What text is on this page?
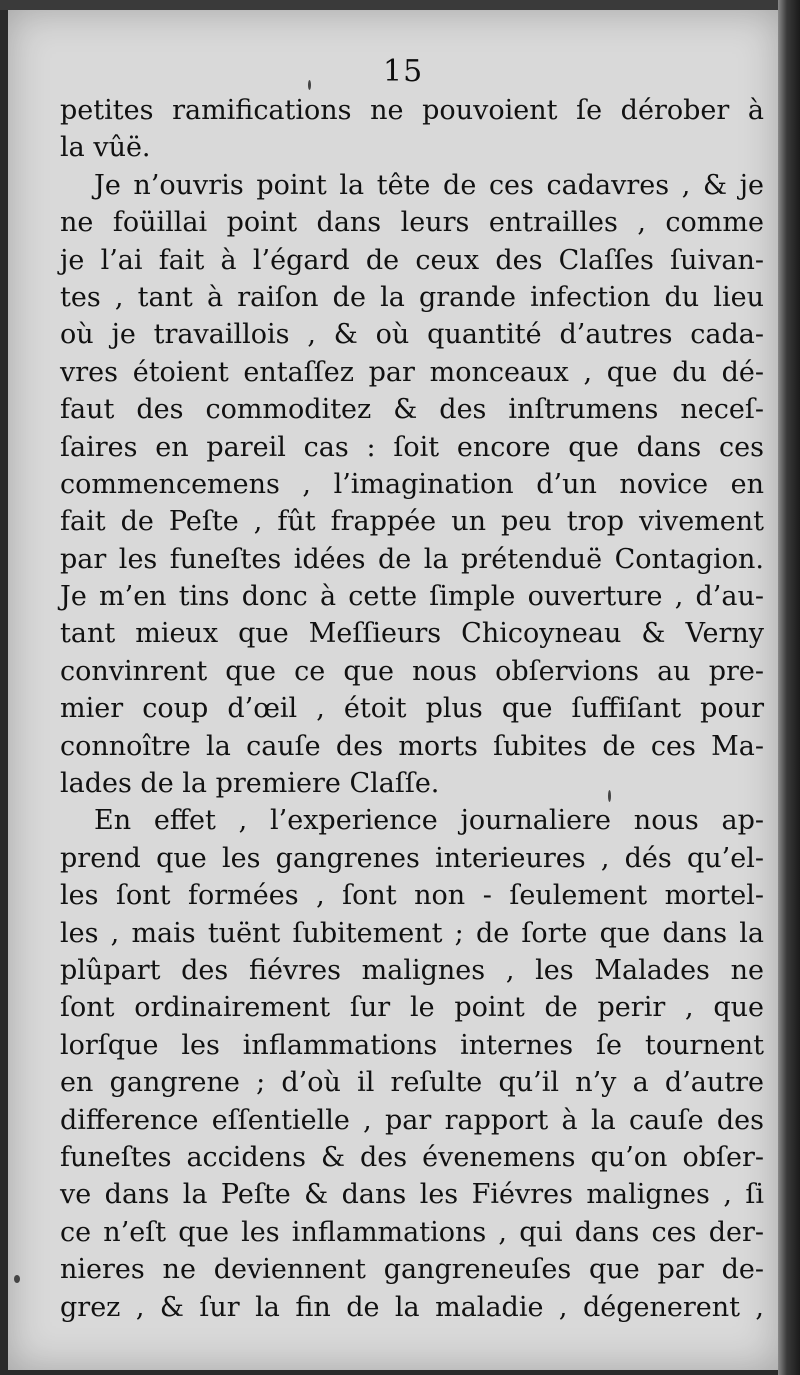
15
petites ramifications ne pouvoient ſe dérober à
la vûë.
Je n’ouvris point la tête de ces cadavres , & je
ne foüillai point dans leurs entrailles , comme
je l’ai fait à l’égard de ceux des Claſſes ſuivan-
tes , tant à raiſon de la grande infection du lieu
où je travaillois , & où quantité d’autres cada-
vres étoient entaſſez par monceaux , que du dé-
faut des commoditez & des inſtrumens neceſ-
ſaires en pareil cas : ſoit encore que dans ces
commencemens , l’imagination d’un novice en
fait de Peſte , fût frappée un peu trop vivement
par les funeſtes idées de la prétenduë Contagion.
Je m’en tins donc à cette ſimple ouverture , d’au-
tant mieux que Meſſieurs Chicoyneau & Verny
convinrent que ce que nous obſervions au pre-
mier coup d’œil , étoit plus que ſuffiſant pour
connoître la cauſe des morts ſubites de ces Ma-
lades de la premiere Claſſe.
En effet , l’experience journaliere nous ap-
prend que les gangrenes interieures , dés qu’el-
les ſont formées , ſont non - ſeulement mortel-
les , mais tuënt ſubitement ; de ſorte que dans la
plûpart des fiévres malignes , les Malades ne
ſont ordinairement ſur le point de perir , que
lorſque les inflammations internes ſe tournent
en gangrene ; d’où il reſulte qu’il n’y a d’autre
difference eſſentielle , par rapport à la cauſe des
funeſtes accidens & des évenemens qu’on obſer-
ve dans la Peſte & dans les Fiévres malignes , ſi
ce n’eſt que les inflammations , qui dans ces der-
nieres ne deviennent gangreneuſes que par de-
grez , & ſur la fin de la maladie , dégenerent ,
